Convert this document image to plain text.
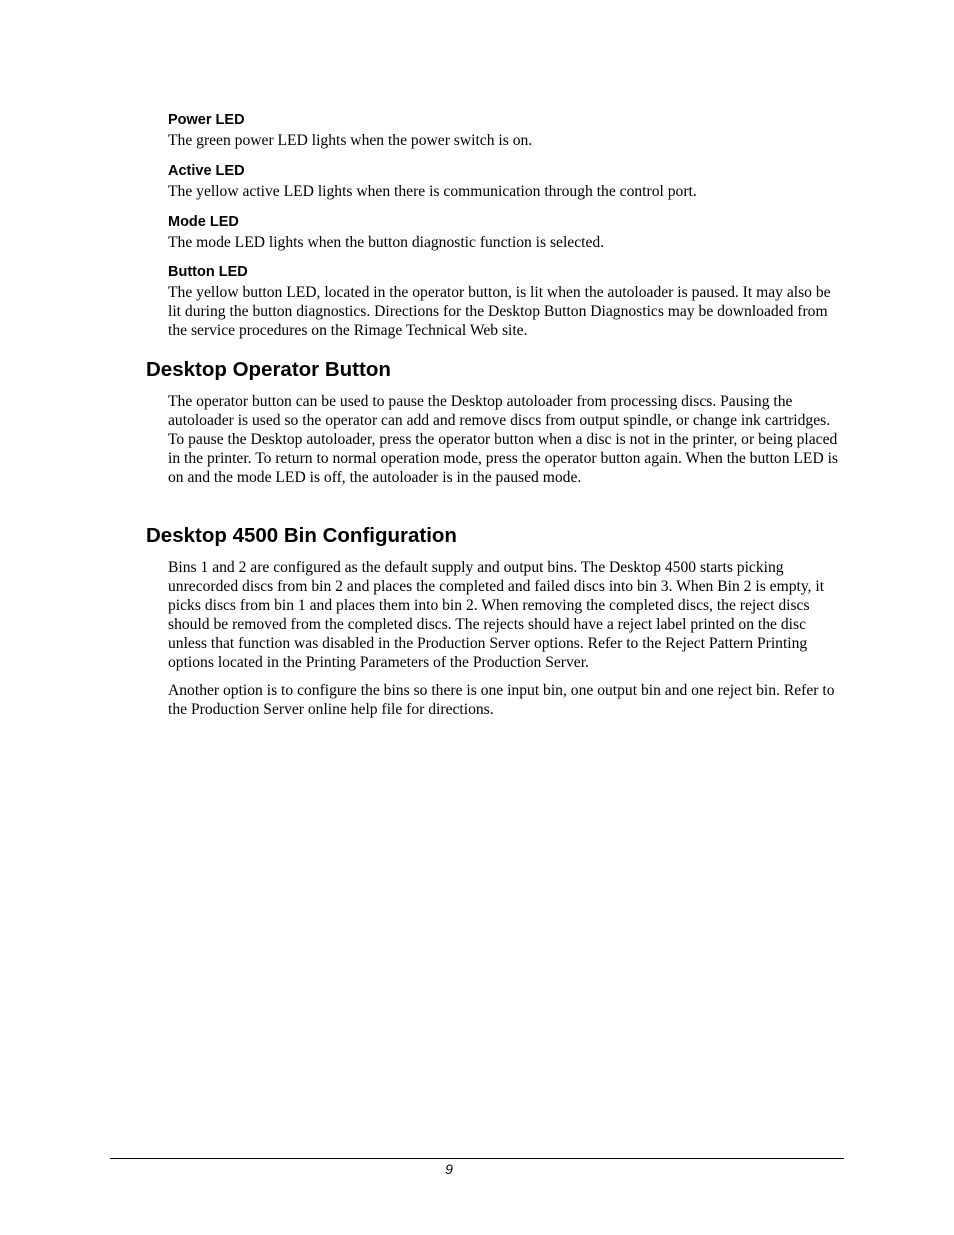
Power LED

The green power LED lights when the power switch is on.

Active LED

The yellow active LED lights when there is communication through the control port.

Mode LED

The mode LED lights when the button diagnostic function is selected.

Button LED

The yellow button LED, located in the operator button, is lit when the autoloader is paused. It may also be lit during the button diagnostics. Directions for the Desktop Button Diagnostics may be downloaded from the service procedures on the Rimage Technical Web site.

Desktop Operator Button

The operator button can be used to pause the Desktop autoloader from processing discs. Pausing the autoloader is used so the operator can add and remove discs from output spindle, or change ink cartridges. To pause the Desktop autoloader, press the operator button when a disc is not in the printer, or being placed in the printer. To return to normal operation mode, press the operator button again. When the button LED is on and the mode LED is off, the autoloader is in the paused mode.

Desktop 4500 Bin Configuration

Bins 1 and 2 are configured as the default supply and output bins. The Desktop 4500 starts picking unrecorded discs from bin 2 and places the completed and failed discs into bin 3. When Bin 2 is empty, it picks discs from bin 1 and places them into bin 2. When removing the completed discs, the reject discs should be removed from the completed discs. The rejects should have a reject label printed on the disc unless that function was disabled in the Production Server options. Refer to the Reject Pattern Printing options located in the Printing Parameters of the Production Server.

Another option is to configure the bins so there is one input bin, one output bin and one reject bin. Refer to the Production Server online help file for directions.

9
